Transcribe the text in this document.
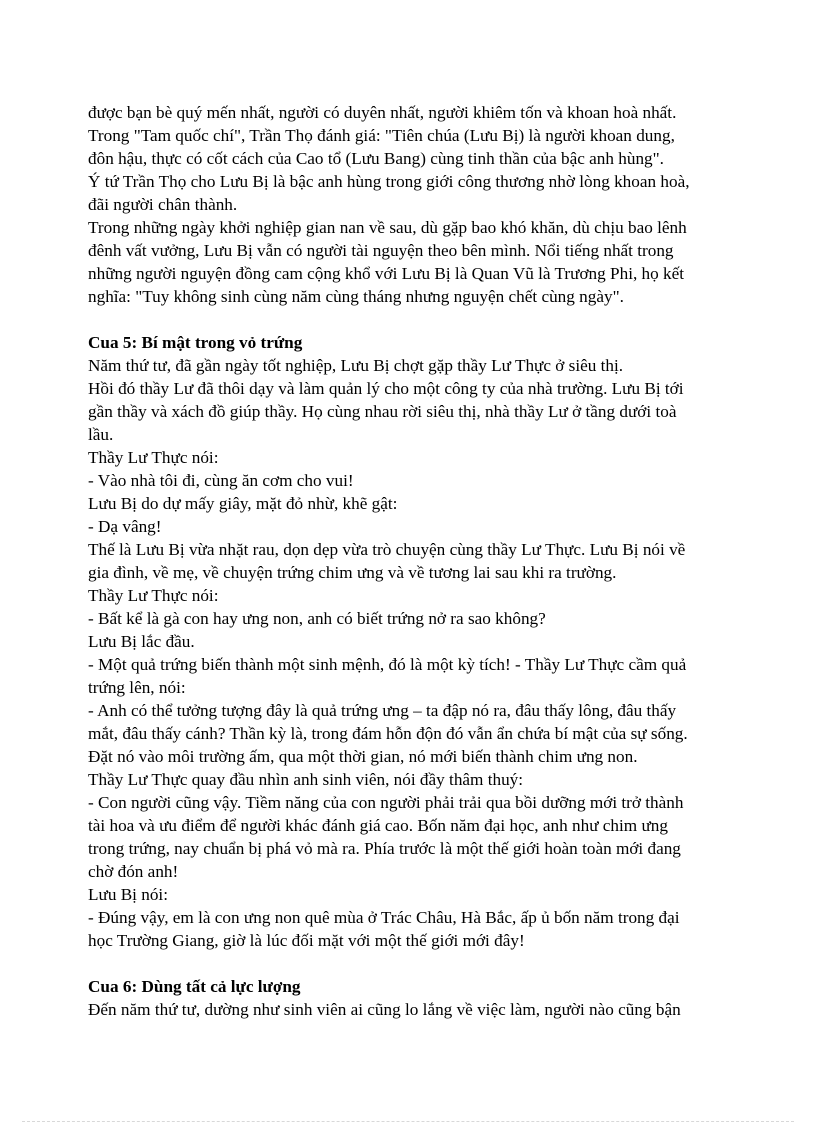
được bạn bè quý mến nhất, người có duyên nhất, người khiêm tốn và khoan hoà nhất.
Trong "Tam quốc chí", Trần Thọ đánh giá: "Tiên chúa (Lưu Bị) là người khoan dung,
đôn hậu, thực có cốt cách của Cao tổ (Lưu Bang) cùng tinh thần của bậc anh hùng".
Ý tứ Trần Thọ cho Lưu Bị là bậc anh hùng trong giới công thương nhờ lòng khoan hoà,
đãi người chân thành.
Trong những ngày khởi nghiệp gian nan về sau, dù gặp bao khó khăn, dù chịu bao lênh
đênh vất vưởng, Lưu Bị vẫn có người tài nguyện theo bên mình. Nổi tiếng nhất trong
những người nguyện đồng cam cộng khổ với Lưu Bị là Quan Vũ là Trương Phi, họ kết
nghĩa: "Tuy không sinh cùng năm cùng tháng nhưng nguyện chết cùng ngày".
Cua 5: Bí mật trong vỏ trứng
Năm thứ tư, đã gần ngày tốt nghiệp, Lưu Bị chợt gặp thầy Lư Thực ở siêu thị.
Hồi đó thầy Lư đã thôi dạy và làm quản lý cho một công ty của nhà trường. Lưu Bị tới
gần thầy và xách đồ giúp thầy. Họ cùng nhau rời siêu thị, nhà thầy Lư ở tầng dưới toà
lầu.
Thầy Lư Thực nói:
- Vào nhà tôi đi, cùng ăn cơm cho vui!
Lưu Bị do dự mấy giây, mặt đỏ nhừ, khẽ gật:
- Dạ vâng!
Thế là Lưu Bị vừa nhặt rau, dọn dẹp vừa trò chuyện cùng thầy Lư Thực. Lưu Bị nói về
gia đình, về mẹ, về chuyện trứng chim ưng và về tương lai sau khi ra trường.
Thầy Lư Thực nói:
- Bất kể là gà con hay ưng non, anh có biết trứng nở ra sao không?
Lưu Bị lắc đầu.
- Một quả trứng biến thành một sinh mệnh, đó là một kỳ tích! - Thầy Lư Thực cầm quả
trứng lên, nói:
- Anh có thể tưởng tượng đây là quả trứng ưng – ta đập nó ra, đâu thấy lông, đâu thấy
mắt, đâu thấy cánh? Thần kỳ là, trong đám hỗn độn đó vẫn ẩn chứa bí mật của sự sống.
Đặt nó vào môi trường ấm, qua một thời gian, nó mới biến thành chim ưng non.
Thầy Lư Thực quay đầu nhìn anh sinh viên, nói đầy thâm thuý:
- Con người cũng vậy. Tiềm năng của con người phải trải qua bồi dưỡng mới trở thành
tài hoa và ưu điểm để người khác đánh giá cao. Bốn năm đại học, anh như chim ưng
trong trứng, nay chuẩn bị phá vỏ mà ra. Phía trước là một thế giới hoàn toàn mới đang
chờ đón anh!
Lưu Bị nói:
- Đúng vậy, em là con ưng non quê mùa ở Trác Châu, Hà Bắc, ấp ủ bốn năm trong đại
học Trường Giang, giờ là lúc đối mặt với một thế giới mới đây!
Cua 6: Dùng tất cả lực lượng
Đến năm thứ tư, dường như sinh viên ai cũng lo lắng về việc làm, người nào cũng bận
